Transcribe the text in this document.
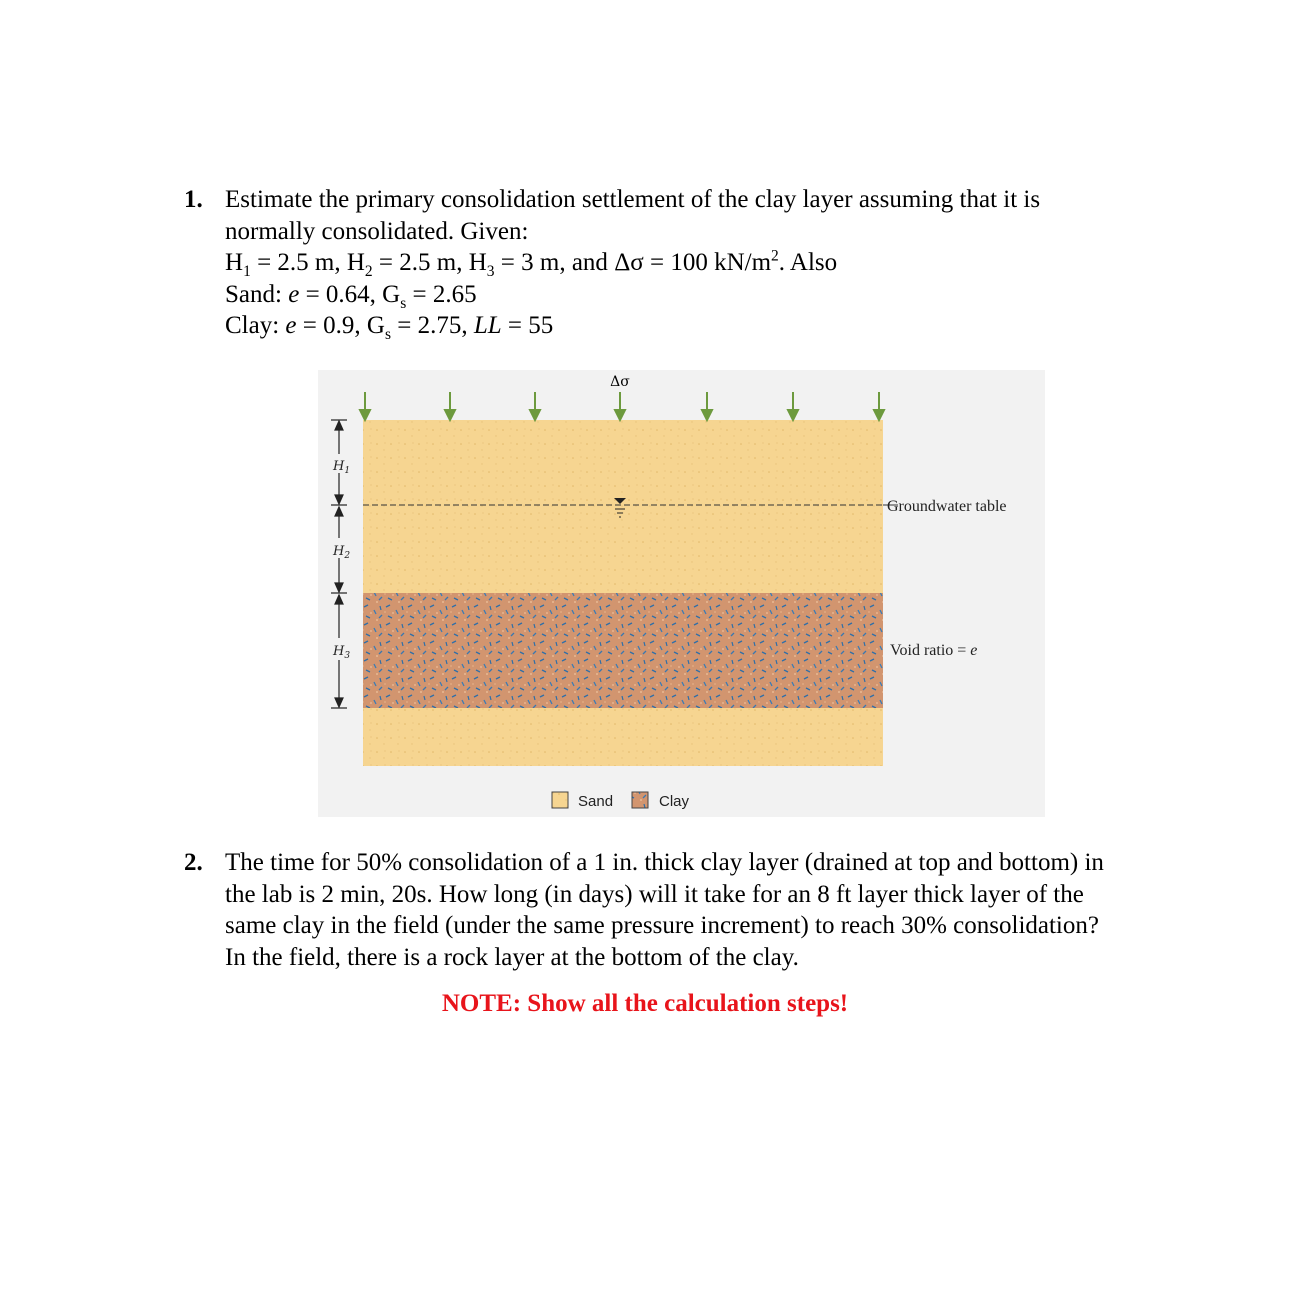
1. Estimate the primary consolidation settlement of the clay layer assuming that it is
normally consolidated. Given:
$H_1 = 2.5$ m, $H_2 = 2.5$ m, $H_3 = 3$ m, and Δσ = 100 $kN/m^2$. Also
Sand: e = 0.64, $G_s = 2.65$
Clay: e = 0.9, $G_s = 2.75$, LL = 55
Δσ
Groundwater table
Void ratio = e
$H_1$
$H_2$
$H_3$
Sand	Clay
2. The time for 50% consolidation of a 1 in. thick clay layer (drained at top and bottom) in
the lab is 2 min, 20s. How long (in days) will it take for an 8 ft layer thick layer of the
same clay in the field (under the same pressure increment) to reach 30% consolidation?
In the field, there is a rock layer at the bottom of the clay.
NOTE: Show all the calculation steps!
